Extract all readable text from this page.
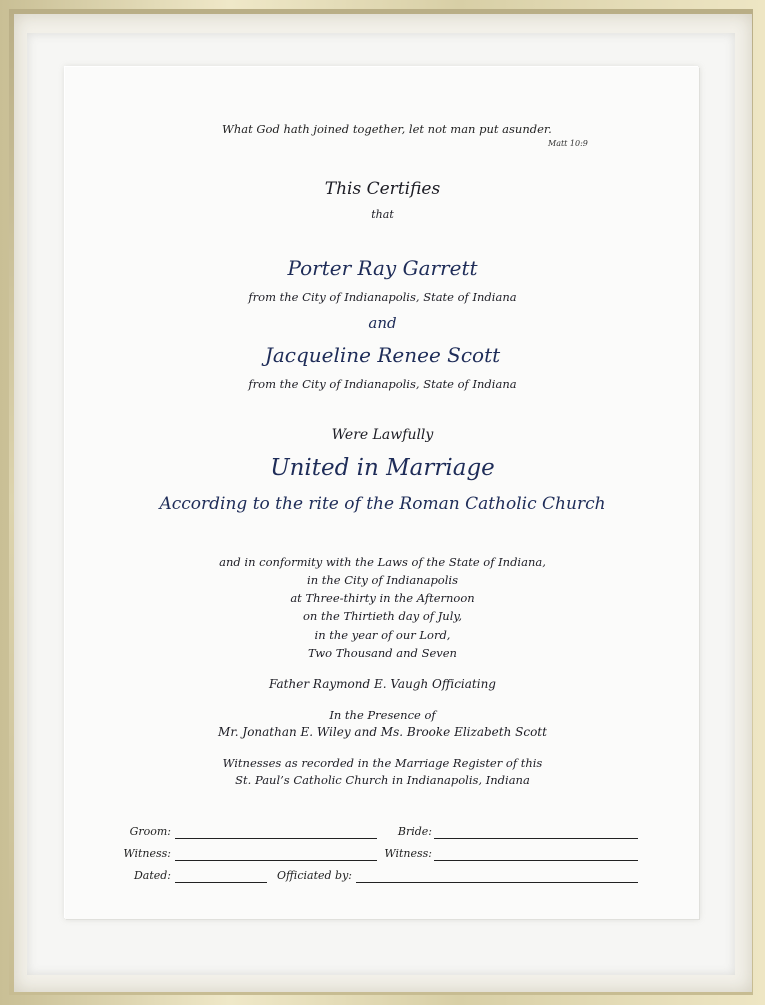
What God hath joined together, let not man put asunder.
Matt 10:9
This Certifies
that
Porter Ray Garrett
from the City of Indianapolis, State of Indiana
and
Jacqueline Renee Scott
from the City of Indianapolis, State of Indiana
Were Lawfully
United in Marriage
According to the rite of the Roman Catholic Church
and in conformity with the Laws of the State of Indiana,
in the City of Indianapolis
at Three-thirty in the Afternoon
on the Thirtieth day of July,
in the year of our Lord,
Two Thousand and Seven
Father Raymond E. Vaugh Officiating
In the Presence of
Mr. Jonathan E. Wiley and Ms. Brooke Elizabeth Scott
Witnesses as recorded in the Marriage Register of this
St. Paul’s Catholic Church in Indianapolis, Indiana
Groom:	Bride:
Witness:	Witness:
Dated:	Officiated by:
